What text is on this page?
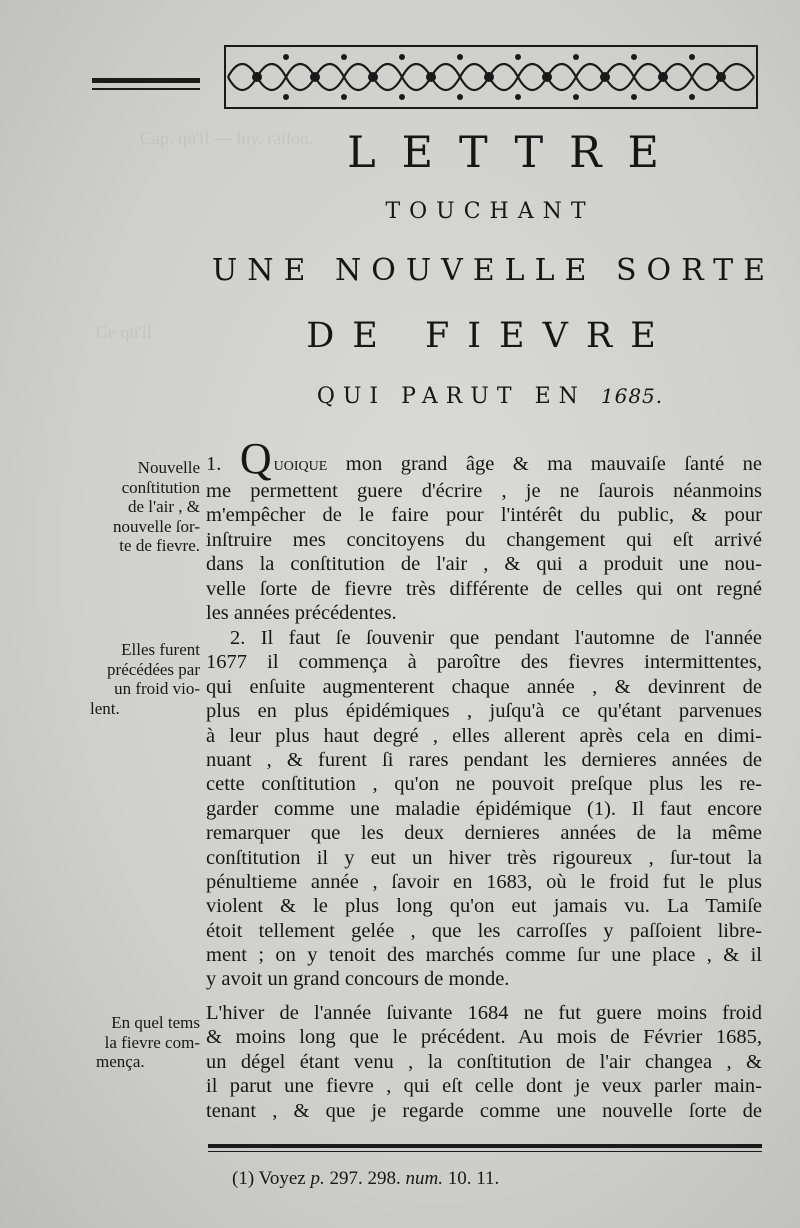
Cap. qu'il — ſuy. raiſon.
Ce qu'il
LETTRE
TOUCHANT
UNE NOUVELLE SORTE
DE FIEVRE
QUI PARUT EN 1685.
1. Quoique mon grand âge & ma mauvaiſe ſanté ne
me permettent guere d'écrire , je ne ſaurois néanmoins
m'empêcher de le faire pour l'intérêt du public, & pour
inſtruire mes concitoyens du changement qui eſt arrivé
dans la conſtitution de l'air , & qui a produit une nou-
velle ſorte de fievre très différente de celles qui ont regné
les années précédentes.
2. Il faut ſe ſouvenir que pendant l'automne de l'année
1677 il commença à paroître des fievres intermittentes,
qui enſuite augmenterent chaque année , & devinrent de
plus en plus épidémiques , juſqu'à ce qu'étant parvenues
à leur plus haut degré , elles allerent après cela en dimi-
nuant , & furent ſi rares pendant les dernieres années de
cette conſtitution , qu'on ne pouvoit preſque plus les re-
garder comme une maladie épidémique (1). Il faut encore
remarquer que les deux dernieres années de la même
conſtitution il y eut un hiver très rigoureux , ſur-tout la
pénultieme année , ſavoir en 1683, où le froid fut le plus
violent & le plus long qu'on eut jamais vu. La Tamiſe
étoit tellement gelée , que les carroſſes y paſſoient libre-
ment ; on y tenoit des marchés comme ſur une place , & il
y avoit un grand concours de monde.
L'hiver de l'année ſuivante 1684 ne fut guere moins froid
& moins long que le précédent. Au mois de Février 1685,
un dégel étant venu , la conſtitution de l'air changea , &
il parut une fievre , qui eſt celle dont je veux parler main-
tenant , & que je regarde comme une nouvelle ſorte de
Nouvelle
conſtitution
de l'air , &
nouvelle ſor-
te de fievre.
Elles furent
précédées par
un froid vio-
lent.
En quel tems
la fievre com-
mença.
(1) Voyez p. 297. 298. num. 10. 11.
